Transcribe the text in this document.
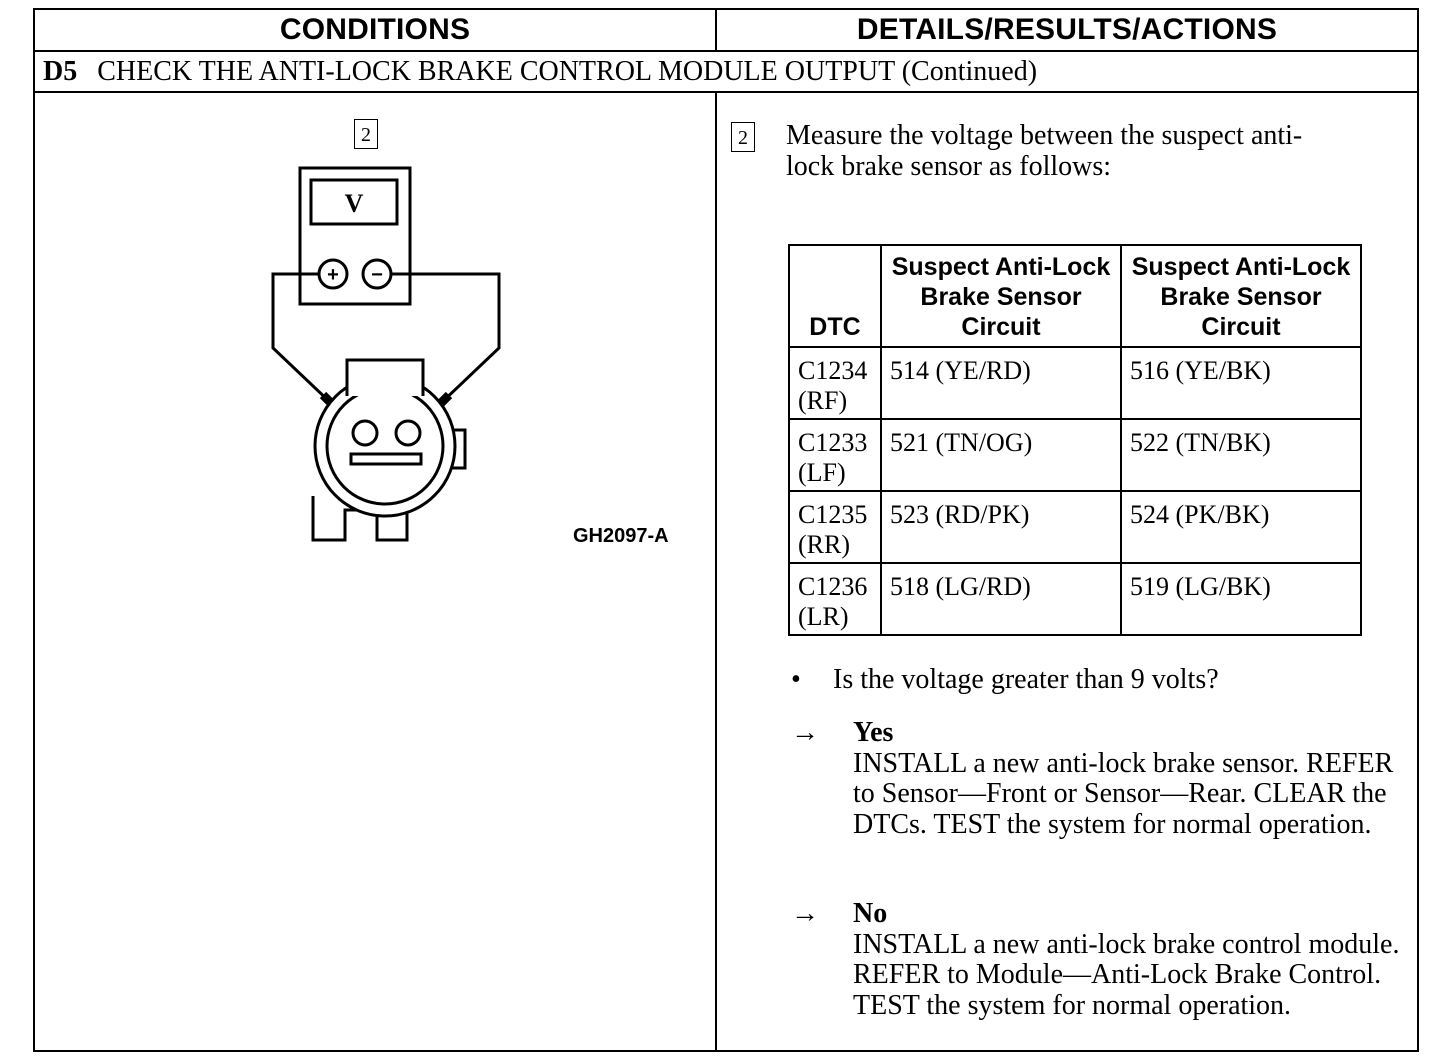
CONDITIONS	DETAILS/RESULTS/ACTIONS
D5 CHECK THE ANTI-LOCK BRAKE CONTROL MODULE OUTPUT (Continued)
2
V
+ −
GH2097-A
2 Measure the voltage between the suspect anti-lock brake sensor as follows:
DTC	Suspect Anti-Lock Brake Sensor Circuit	Suspect Anti-Lock Brake Sensor Circuit
C1234
(RF)	514 (YE/RD)	516 (YE/BK)
C1233
(LF)	521 (TN/OG)	522 (TN/BK)
C1235
(RR)	523 (RD/PK)	524 (PK/BK)
C1236
(LR)	518 (LG/RD)	519 (LG/BK)
• Is the voltage greater than 9 volts?
→	Yes
INSTALL a new anti-lock brake sensor. REFER to Sensor—Front or Sensor—Rear. CLEAR the DTCs. TEST the system for normal operation.
→	No
INSTALL a new anti-lock brake control module. REFER to Module—Anti-Lock Brake Control. TEST the system for normal operation.
